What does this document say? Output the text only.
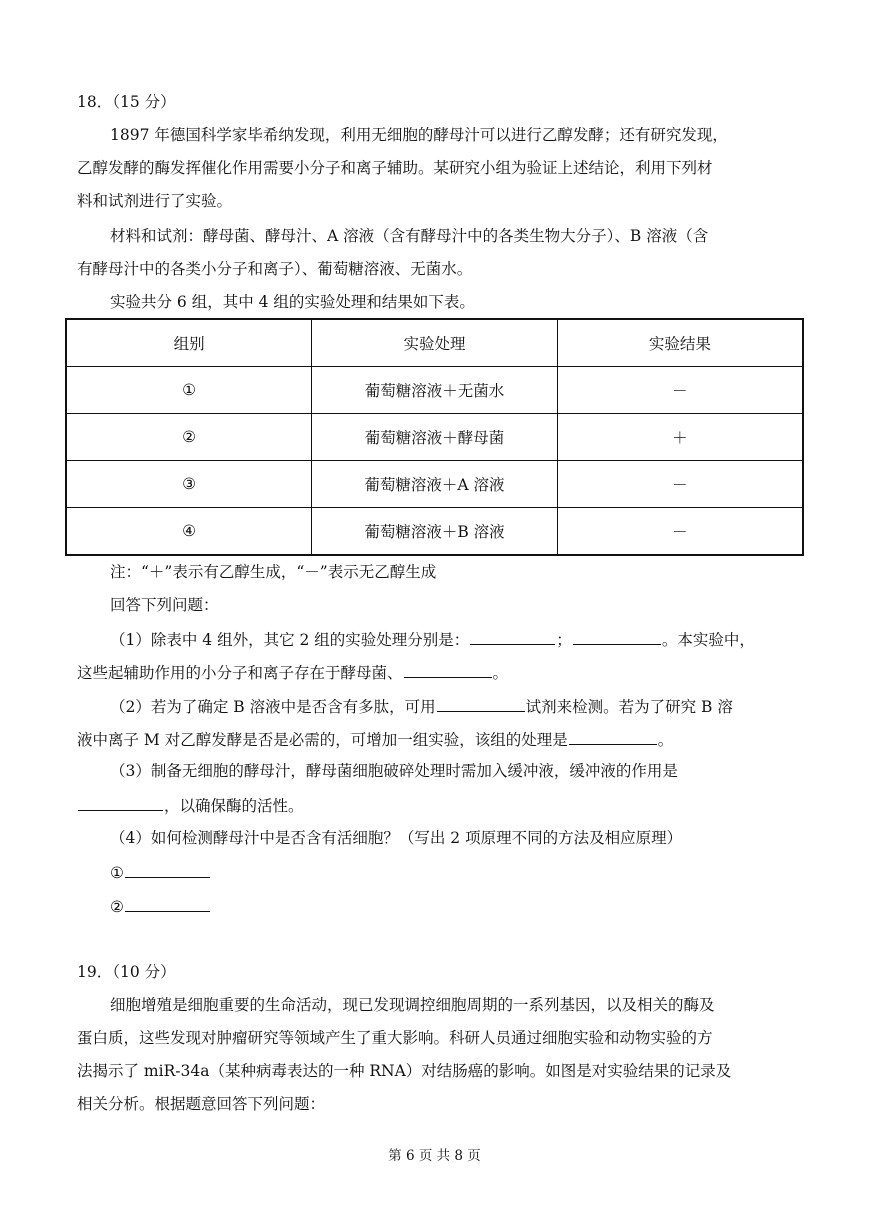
18．（15 分）
1897 年德国科学家毕希纳发现，利用无细胞的酵母汁可以进行乙醇发酵；还有研究发现，
乙醇发酵的酶发挥催化作用需要小分子和离子辅助。某研究小组为验证上述结论，利用下列材
料和试剂进行了实验。
材料和试剂：酵母菌、酵母汁、A 溶液（含有酵母汁中的各类生物大分子）、B 溶液（含
有酵母汁中的各类小分子和离子）、葡萄糖溶液、无菌水。
实验共分 6 组，其中 4 组的实验处理和结果如下表。
组别	实验处理	实验结果
①	葡萄糖溶液＋无菌水	－
②	葡萄糖溶液＋酵母菌	＋
③	葡萄糖溶液＋A 溶液	－
④	葡萄糖溶液＋B 溶液	－
注：“＋”表示有乙醇生成，“－”表示无乙醇生成
回答下列问题：
（1）除表中 4 组外，其它 2 组的实验处理分别是：	；	。本实验中，
这些起辅助作用的小分子和离子存在于酵母菌、	。
（2）若为了确定 B 溶液中是否含有多肽，可用	试剂来检测。若为了研究 B 溶
液中离子 M 对乙醇发酵是否是必需的，可增加一组实验，该组的处理是	。
（3）制备无细胞的酵母汁，酵母菌细胞破碎处理时需加入缓冲液，缓冲液的作用是
，以确保酶的活性。
（4）如何检测酵母汁中是否含有活细胞？（写出 2 项原理不同的方法及相应原理）
①
②
19．（10 分）
细胞增殖是细胞重要的生命活动，现已发现调控细胞周期的一系列基因，以及相关的酶及
蛋白质，这些发现对肿瘤研究等领域产生了重大影响。科研人员通过细胞实验和动物实验的方
法揭示了 miR-34a（某种病毒表达的一种 RNA）对结肠癌的影响。如图是对实验结果的记录及
相关分析。根据题意回答下列问题：
第 6 页 共 8 页
